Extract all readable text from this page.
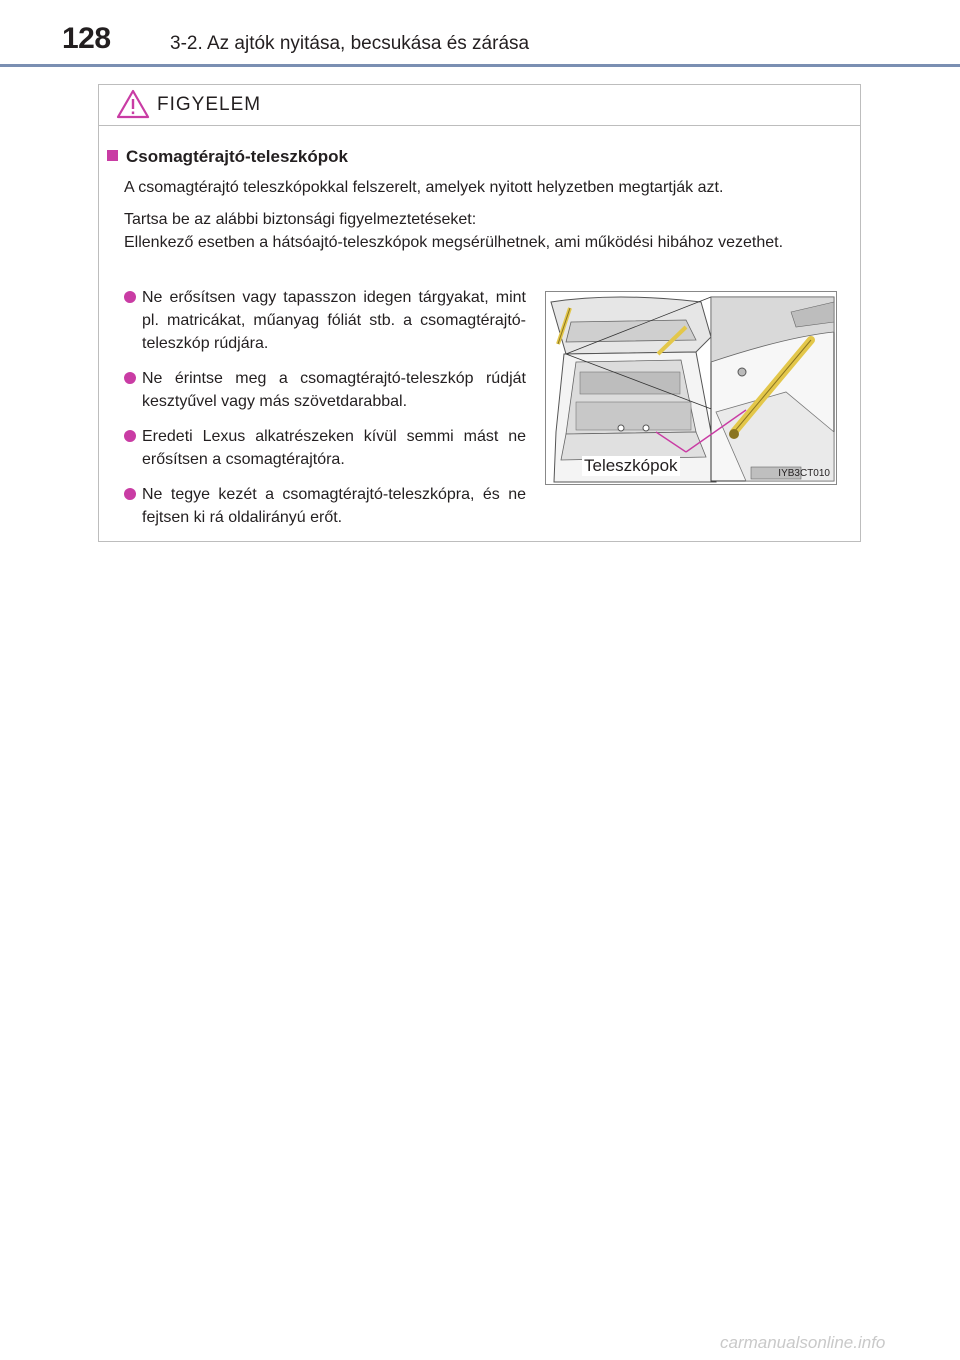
128	3-2. Az ajtók nyitása, becsukása és zárása
FIGYELEM
Csomagtérajtó-teleszkópok
A csomagtérajtó teleszkópokkal felszerelt, amelyek nyitott helyzetben megtartják azt.
Tartsa be az alábbi biztonsági figyelmeztetéseket:
Ellenkező esetben a hátsóajtó-teleszkópok megsérülhetnek, ami működési hibához vezethet.
Ne erősítsen vagy tapasszon idegen tárgyakat, mint pl. matricákat, műanyag fóliát stb. a csomagtérajtó-teleszkóp rúdjára.
Ne érintse meg a csomagtérajtó-teleszkóp rúdját kesztyűvel vagy más szövetdarabbal.
Eredeti Lexus alkatrészeken kívül semmi mást ne erősítsen a csomagtérajtóra.
Ne tegye kezét a csomagtérajtó-teleszkópra, és ne fejtsen ki rá oldalirányú erőt.
Teleszkópok	IYB3CT010
carmanualsonline.info
